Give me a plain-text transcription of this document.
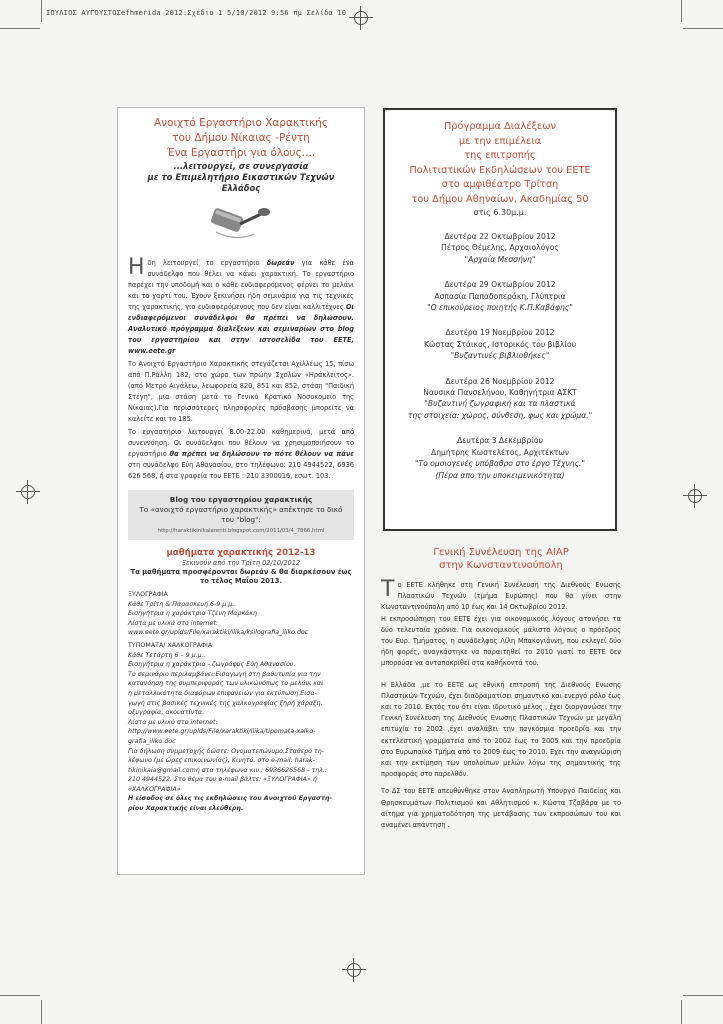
ΙΟΥΛΙΟΣ ΑΥΓΟΥΣΤΟΣefhmerida 2012:Σχέδιο 1 5/10/2012 9:56 πμ Σελίδα 10
Ανοιχτό Εργαστήριο Χαρακτικής
του Δήμου Νίκαιας -Ρέντη
Ένα Εργαστήρι για όλους....
...λειτουργεί, σε συνεργασία
με το Επιμελητήριο Εικαστικών Τεχνών Ελλάδος
Ηδη λειτουργεί το εργαστήριο δωρεάν για κάθε ένα συνάδελφο που θέλει να κάνει χαρακτική. Το εργαστήριο παρέχει την υποδομή και ο κάθε ενδιαφερόμενος φέρνει το μελάνι και το χαρτί του. Έχουν ξεκινήσει ήδη σεμινάρια για τις τεχνικές της χαρακτικής, για ενδιαφερόμενους που δεν είναι καλλιτέχνες.Οι ενδιαφερόμενοι συνάδελφοι θα πρέπει να δηλώσουν. Αναλυτικό πρόγραμμα διαλέξεων και σεμιναρίων στο blog του εργαστηρίου και στην ιστοσελίδα του ΕΕΤΕ, www.eete.gr
Το Ανοιχτό Εργαστήριο Χαρακτικής στεγάζεται Αχιλλέως 15, πίσω από Π.Ράλλη 182, στο χώρο των πρώην Σχολών «Ηράκλειτος». (από Μετρό Αιγάλεω, λεωφορεία 820, 851 και 852, στάση "Παιδική Στέγη", μια στάση μετά το Γενικό Κρατικό Νοσοκομείο της Νίκαιας).Για περισσότερες πληροφορίες πρόσβασης μπορείτε να καλείτε και το 185.
Το εργαστήριο λειτουργεί 8.00-22.00 καθημερινά, μετά από συνεννόηση. Οι συνάδελφοι που θέλουν να χρησιμοποιήσουν το εργαστήριο θα πρέπει να δηλώσουν το πότε θέλουν να πάνε στη συνάδελφο Εύη Αθανασίου, στο τηλέφωνο: 210 4944522, 6936 626 568, ή στα γραφεία του ΕΕΤΕ : 210 3300016, εσωτ. 103.
Blog του εργαστηρίου χαρακτικής
Το «ανοιχτό εργαστήριο χαρακτικής» απέκτησε το δικό του "blog":
http://haraktikinikaiarenti.blogspot.com/2011/03/4_7866.html
μαθήματα χαρακτικής 2012-13
Ξεκινούν από την Τρίτη 02/10/2012
Τα μαθήματα προσφέρονται δωρεάν & θα διαρκέσουν έως το τέλος Μαΐου 2013.
ΞΥΛΟΓΡΑΦΙΑ
Κάθε Τρίτη & Παρασκευή 6-9 μ.μ..
Εισηγήτρια η χαράκτρια Τζένη Μαρκάκη
Λίστα με υλικά στο internet:
www.eete.gr/uplds/File/xaraktiki/ilika/ksilografia_iliko.doc
ΤΥΠΟΜΑΤΑ/ ΧΑΛΚΟΓΡΑΦΙΑ
Κάθε Τετάρτη 6 – 9 μ.μ..
Εισηγήτρια η χαράκτρια - ζωγράφος Εύη Αθανασίου.
Το σεμινάριο περιλαμβάνει:Εισαγωγή στη βαθυτυπία για την
κατανόηση της συμπεριφοράς των υλικώνόπως το μελάνι και
η μεταλλικότητα διαφόρων επιφανειών για εκτύπωση.Εισα-
γωγή στις βασικές τεχνικές της χαλκογραφίας ξηρή χάραξη,
οξυγραφία, ακουατίντα.
Λίστα με υλικό στο internet:
http://www.eete.gr/uplds/File/xaraktiki/ilika/tipomata-xalko-
grafia_iliko.doc
Για δήλωση συμμετοχής δώστε: Ονοματεπώνυμο,Σταθερό τη-
λέφωνο (με ώρες επικοινωνίας), Κινητό, στο e-mail: harak-
tikinikaia@gmail.comή στα τηλέφωνα κιν.: 6936626568 - τηλ.:
210 4944522. Στο θέμα του e-mail βάλτε: «ΞΥΛΟΓΡΑΦΙΑ» ή
«ΧΑΛΚΟΓΡΑΦΙΑ»
Η είσοδος σε όλες τις εκδηλώσεις του Ανοιχτού Εργαστη-
ρίου Χαρακτικής είναι ελεύθερη.
Πρόγραμμα Διαλέξεων
με την επιμέλεια
της επιτροπής
Πολιτιστικών Εκδηλώσεων του ΕΕΤΕ
στο αμφιθέατρο Τρίτση
του Δήμου Αθηναίων, Ακαδημίας 50
στις 6.30μ.μ.
Δευτέρα 22 Οκτωβρίου 2012
Πέτρος Θέμελης, Αρχαιολόγος
"Αρχαία Μεσσήνη"
Δευτέρα 29 Οκτωβρίου 2012
Ασπασία Παπαδοπεράκη, Γλύπτρια
"Ο επικούρειος ποιητής Κ.Π.Καβάφης"
Δευτέρα 19 Νοεμβρίου 2012
Κώστας Στάικος, Ιστορικός του βιβλίου
"Βυζαντινές βιβλιοθήκες"
Δευτέρα 26 Νοεμβρίου 2012
Ναυσικά Πανσελήνου, Καθηγήτρια ΑΣΚΤ
"Βυζαντινή ζωγραφική και τα πλαστικά
της στοιχεία: χώρος, σύνθεση, φως και χρώμα."
Δευτέρα 3 Δεκεμβρίου
Δημήτρης Κωστελέτος, Αρχιτέκτων
"Το ομοιογενές υπόβαθρο στο έργο Τέχνης."
(Πέρα απο την υποκειμενικότητα)
Γενική Συνέλευση της AIAP
στην Κωνσταντινούπολη

Το ΕΕΤΕ κλήθηκε στη Γενική Συνέλευση της Διεθνούς Ενωσης Πλαστικών Τεχνών (τμήμα Ευρώπης) που θα γίνει στην Κωνσταντινούπολη από 10 έως και 14 Οκτωβρίου 2012.

Η εκπροσώπηση του ΕΕΤΕ έχει για οικονομικούς λόγους ατονήσει τα δύο τελευταία χρόνια. Για οικονομικούς μάλιστα λόγους ο πρόεδρος του Ευρ. Τμήματος, η συνάδελφος Λίλη Μπακογιάννη, που εκλεγεί δύο ήδη φορές, αναγκάστηκε να παραιτηθεί το 2010 γιατί το ΕΕΤΕ δεν μπορούσε να ανταποκριθεί στα καθήκοντά του.

Η Ελλάδα ,με το ΕΕΤΕ ως εθνική επιτροπή της Διεθνούς Ενωσης Πλαστικών Τεχνών, έχει διαδραματίσει σημαντικό και ενεργό ρόλο έως και το 2010. Εκτός του ότι είναι ιδρυτικό μέλος , έχει διοργανώσει την Γενική Συνέλευση της Διεθνούς Ενωσης Πλαστικών Τεχνών με μεγάλη επιτυχία το 2002 ,έχει αναλάβει την παγκόσμια προεδρία και την εκτελεστική γραμματεία από το 2002 έως το 2005 και την προεδρία στο Ευρωπαϊκό Τμήμα από το 2009 έως το 2010. Εχει την αναγνώριση και την εκτίμηση των υπολοίπων μελών λόγω της σημαντικής της προσφοράς στο παρελθόν.

Το ΔΣ του ΕΕΤΕ απευθύνθηκε στον Αναπληρωτή Υπουργό Παιδείας και Θρησκευμάτων Πολιτισμού και Αθλητισμού κ. Κώστα Τζαβάρα με το αίτημα για χρηματοδότηση της μετάβασης των εκπροσώπων του και αναμένει απάντηση .
